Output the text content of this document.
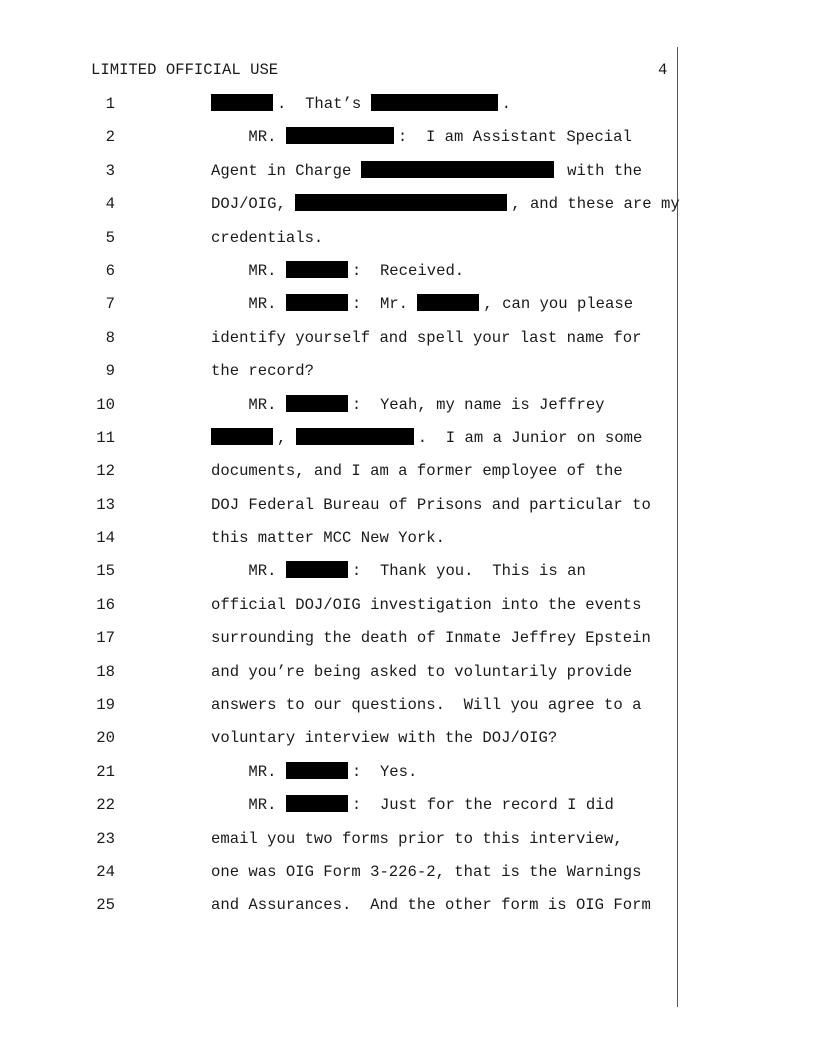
LIMITED OFFICIAL USE	4
1	.  That’s	.
2	MR.	:  I am Assistant Special
3	Agent in Charge	with the
4	DOJ/OIG,	, and these are my
5	credentials.
6	MR.	:  Received.
7	MR.	:  Mr.	, can you please
8	identify yourself and spell your last name for
9	the record?
10	MR.	:  Yeah, my name is Jeffrey
11	,	.  I am a Junior on some
12	documents, and I am a former employee of the
13	DOJ Federal Bureau of Prisons and particular to
14	this matter MCC New York.
15	MR.	:  Thank you.  This is an
16	official DOJ/OIG investigation into the events
17	surrounding the death of Inmate Jeffrey Epstein
18	and you’re being asked to voluntarily provide
19	answers to our questions.  Will you agree to a
20	voluntary interview with the DOJ/OIG?
21	MR.	:  Yes.
22	MR.	:  Just for the record I did
23	email you two forms prior to this interview,
24	one was OIG Form 3-226-2, that is the Warnings
25	and Assurances.  And the other form is OIG Form
